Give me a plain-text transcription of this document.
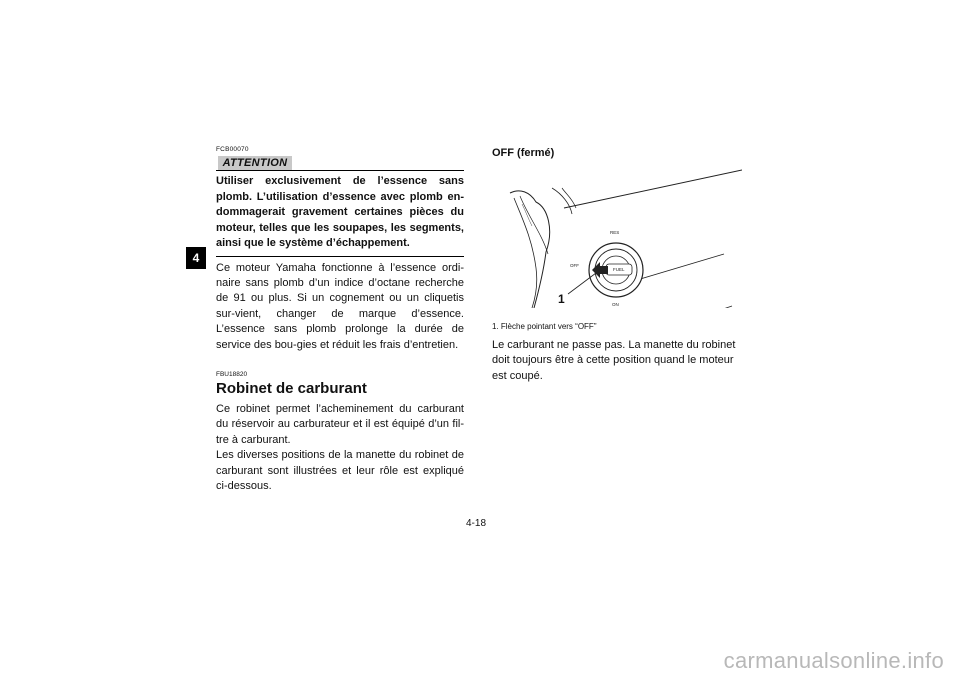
4

FCB00070

ATTENTION

Utiliser exclusivement de l’essence sans plomb. L’utilisation d’essence avec plomb en-dommagerait gravement certaines pièces du moteur, telles que les soupapes, les segments, ainsi que le système d’échappement.

Ce moteur Yamaha fonctionne à l’essence ordi-naire sans plomb d’un indice d’octane recherche de 91 ou plus. Si un cognement ou un cliquetis sur-vient, changer de marque d’essence. L’essence sans plomb prolonge la durée de service des bou-gies et réduit les frais d’entretien.

FBU18820

Robinet de carburant

Ce robinet permet l’acheminement du carburant du réservoir au carburateur et il est équipé d’un fil-tre à carburant.

Les diverses positions de la manette du robinet de carburant sont illustrées et leur rôle est expliqué ci-dessous.

OFF (fermé)

RES
OFF
ON
FUEL
1

1. Flèche pointant vers “OFF”

Le carburant ne passe pas. La manette du robinet doit toujours être à cette position quand le moteur est coupé.

4-18
carmanualsonline.info
